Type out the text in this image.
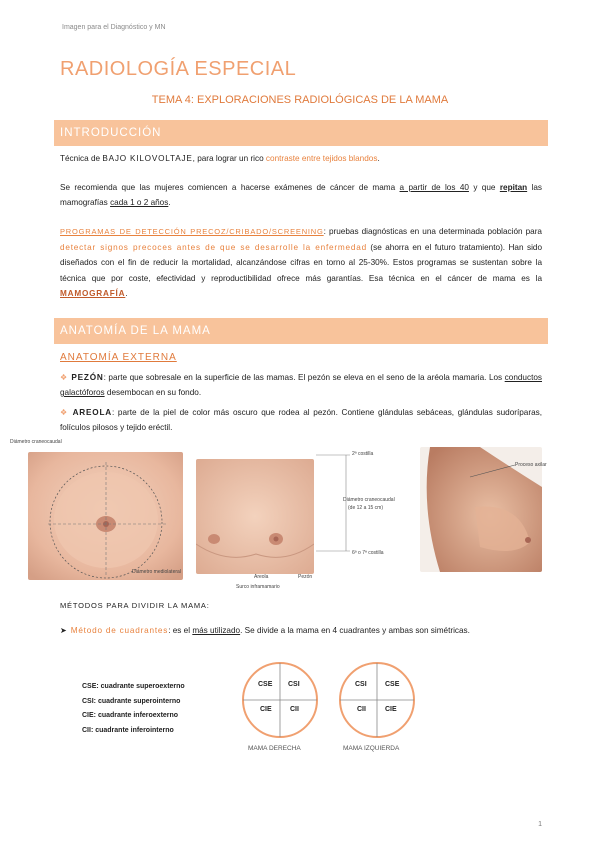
Imagen para el Diagnóstico y MN
RADIOLOGÍA ESPECIAL
TEMA 4: EXPLORACIONES RADIOLÓGICAS DE LA MAMA
INTRODUCCIÓN
Técnica de BAJO KILOVOLTAJE, para lograr un rico contraste entre tejidos blandos.
Se recomienda que las mujeres comiencen a hacerse exámenes de cáncer de mama a partir de los 40 y que repitan las mamografías cada 1 o 2 años.
PROGRAMAS DE DETECCIÓN PRECOZ/CRIBADO/SCREENING: pruebas diagnósticas en una determinada población para detectar signos precoces antes de que se desarrolle la enfermedad (se ahorra en el futuro tratamiento). Han sido diseñados con el fin de reducir la mortalidad, alcanzándose cifras en torno al 25-30%. Estos programas se sustentan sobre la técnica que por coste, efectividad y reproductibilidad ofrece más garantías. Esa técnica en el cáncer de mama es la MAMOGRAFÍA.
ANATOMÍA DE LA MAMA
ANATOMÍA EXTERNA
❖ PEZÓN: parte que sobresale en la superficie de las mamas. El pezón se eleva en el seno de la aréola mamaria. Los conductos galactóforos desembocan en su fondo.
❖ AREOLA: parte de la piel de color más oscuro que rodea al pezón. Contiene glándulas sebáceas, glándulas sudoríparas, folículos pilosos y tejido eréctil.
Diámetro craneocaudal
Diámetro mediolateral
2ª costilla
Diámetro craneocaudal
(de 12 a 15 cm)
6ª o 7ª costilla
Areola	Pezón
Surco inframamario
Proceso axilar
MÉTODOS PARA DIVIDIR LA MAMA:
➤ Método de cuadrantes: es el más utilizado. Se divide a la mama en 4 cuadrantes y ambas son simétricas.
CSE: cuadrante superoexterno
CSI: cuadrante superointerno
CIE: cuadrante inferoexterno
CII: cuadrante inferointerno
CSE CSI
CIE	CII
MAMA DERECHA
CSI	CSE
CII	CIE
MAMA IZQUIERDA
1
